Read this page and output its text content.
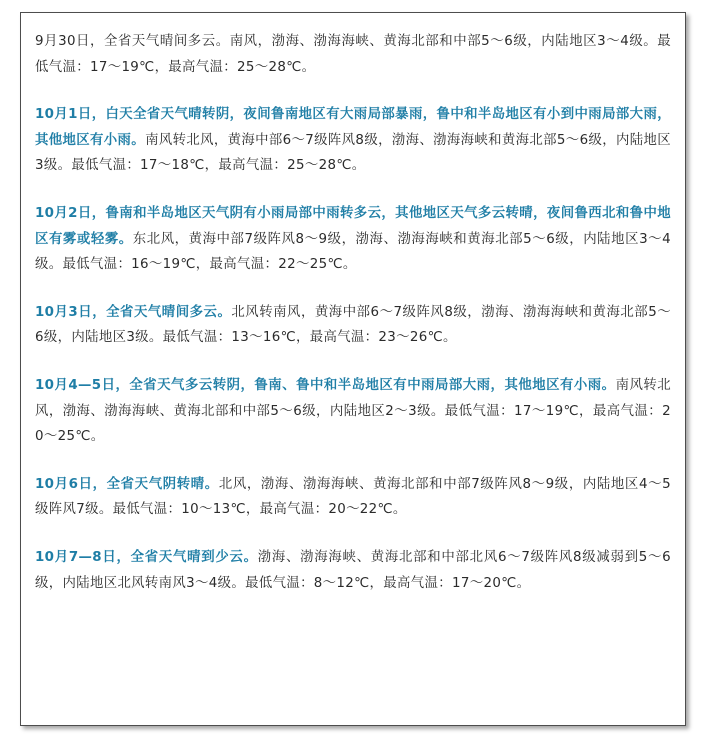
9月30日，全省天气晴间多云。南风，渤海、渤海海峡、黄海北部和中部5～6级，内陆地区3～4级。最低气温：17～19℃，最高气温：25～28℃。

10月1日，白天全省天气晴转阴，夜间鲁南地区有大雨局部暴雨，鲁中和半岛地区有小到中雨局部大雨，其他地区有小雨。南风转北风，黄海中部6～7级阵风8级，渤海、渤海海峡和黄海北部5～6级，内陆地区3级。最低气温：17～18℃，最高气温：25～28℃。

10月2日，鲁南和半岛地区天气阴有小雨局部中雨转多云，其他地区天气多云转晴，夜间鲁西北和鲁中地区有雾或轻雾。东北风，黄海中部7级阵风8～9级，渤海、渤海海峡和黄海北部5～6级，内陆地区3～4级。最低气温：16～19℃，最高气温：22～25℃。

10月3日，全省天气晴间多云。北风转南风，黄海中部6～7级阵风8级，渤海、渤海海峡和黄海北部5～6级，内陆地区3级。最低气温：13～16℃，最高气温：23～26℃。

10月4—5日，全省天气多云转阴，鲁南、鲁中和半岛地区有中雨局部大雨，其他地区有小雨。南风转北风，渤海、渤海海峡、黄海北部和中部5～6级，内陆地区2～3级。最低气温：17～19℃，最高气温：20～25℃。

10月6日，全省天气阴转晴。北风，渤海、渤海海峡、黄海北部和中部7级阵风8～9级，内陆地区4～5级阵风7级。最低气温：10～13℃，最高气温：20～22℃。

10月7—8日，全省天气晴到少云。渤海、渤海海峡、黄海北部和中部北风6～7级阵风8级减弱到5～6级，内陆地区北风转南风3～4级。最低气温：8～12℃，最高气温：17～20℃。
